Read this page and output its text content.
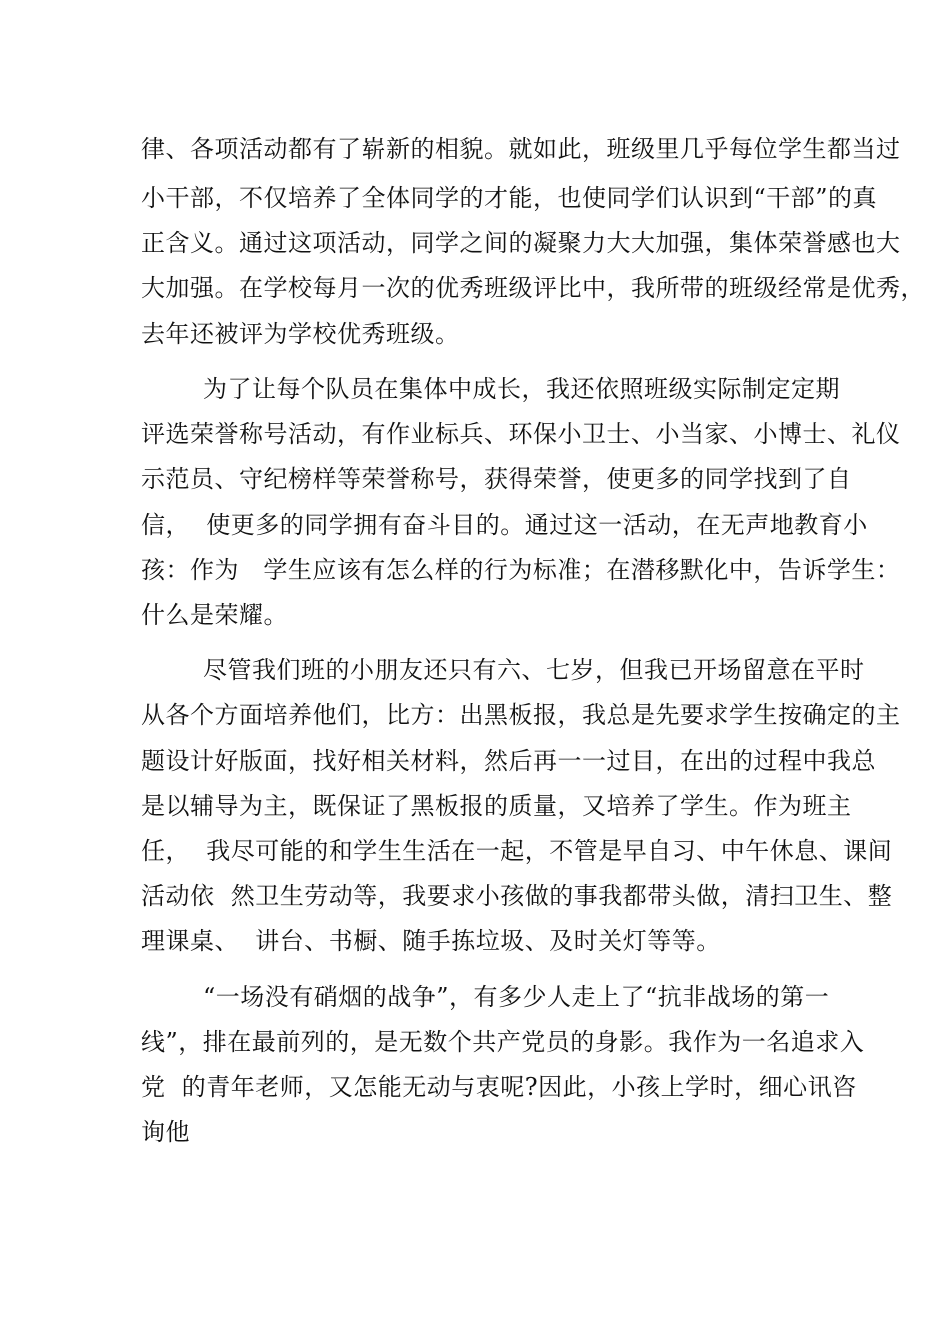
律、各项活动都有了崭新的相貌。就如此，班级里几乎每位学生都当过

小干部，不仅培养了全体同学的才能，也使同学们认识到“干部”的真

正含义。通过这项活动，同学之间的凝聚力大大加强，集体荣誉感也大

大加强。在学校每月一次的优秀班级评比中，我所带的班级经常是优秀，

去年还被评为学校优秀班级。

为了让每个队员在集体中成长，我还依照班级实际制定定期

评选荣誉称号活动，有作业标兵、环保小卫士、小当家、小博士、礼仪

示范员、守纪榜样等荣誉称号，获得荣誉，使更多的同学找到了自

信，  使更多的同学拥有奋斗目的。通过这一活动，在无声地教育小

孩：作为   学生应该有怎么样的行为标准；在潜移默化中，告诉学生：

什么是荣耀。

尽管我们班的小朋友还只有六、七岁，但我已开场留意在平时

从各个方面培养他们，比方：出黑板报，我总是先要求学生按确定的主

题设计好版面，找好相关材料，然后再一一过目，在出的过程中我总

是以辅导为主，既保证了黑板报的质量，又培养了学生。作为班主

任，  我尽可能的和学生生活在一起，不管是早自习、中午休息、课间

活动依  然卫生劳动等，我要求小孩做的事我都带头做，清扫卫生、整

理课桌、  讲台、书橱、随手拣垃圾、及时关灯等等。

“一场没有硝烟的战争”，有多少人走上了“抗非战场的第一

线”，排在最前列的，是无数个共产党员的身影。我作为一名追求入

党  的青年老师，又怎能无动与衷呢?因此，小孩上学时，细心讯咨

询他
